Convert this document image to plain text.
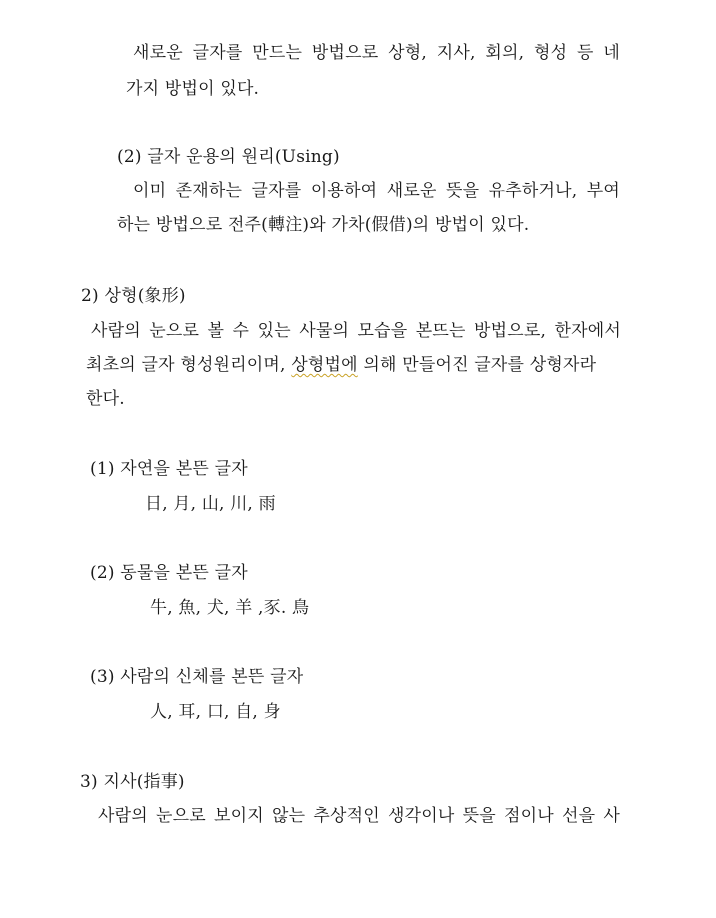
새로운 글자를 만드는 방법으로 상형, 지사, 회의, 형성 등 네
가지 방법이 있다.
(2) 글자 운용의 원리(Using)
이미 존재하는 글자를 이용하여 새로운 뜻을 유추하거나, 부여
하는 방법으로 전주(轉注)와 가차(假借)의 방법이 있다.
2) 상형(象形)
사람의 눈으로 볼 수 있는 사물의 모습을 본뜨는 방법으로, 한자에서
최초의 글자 형성원리이며, 상형법에 의해 만들어진 글자를 상형자라
한다.
(1) 자연을 본뜬 글자
日, 月, 山, 川, 雨
(2) 동물을 본뜬 글자
牛, 魚, 犬, 羊 ,豕. 鳥
(3) 사람의 신체를 본뜬 글자
人, 耳, 口, 自, 身
3) 지사(指事)
사람의 눈으로 보이지 않는 추상적인 생각이나 뜻을 점이나 선을 사
